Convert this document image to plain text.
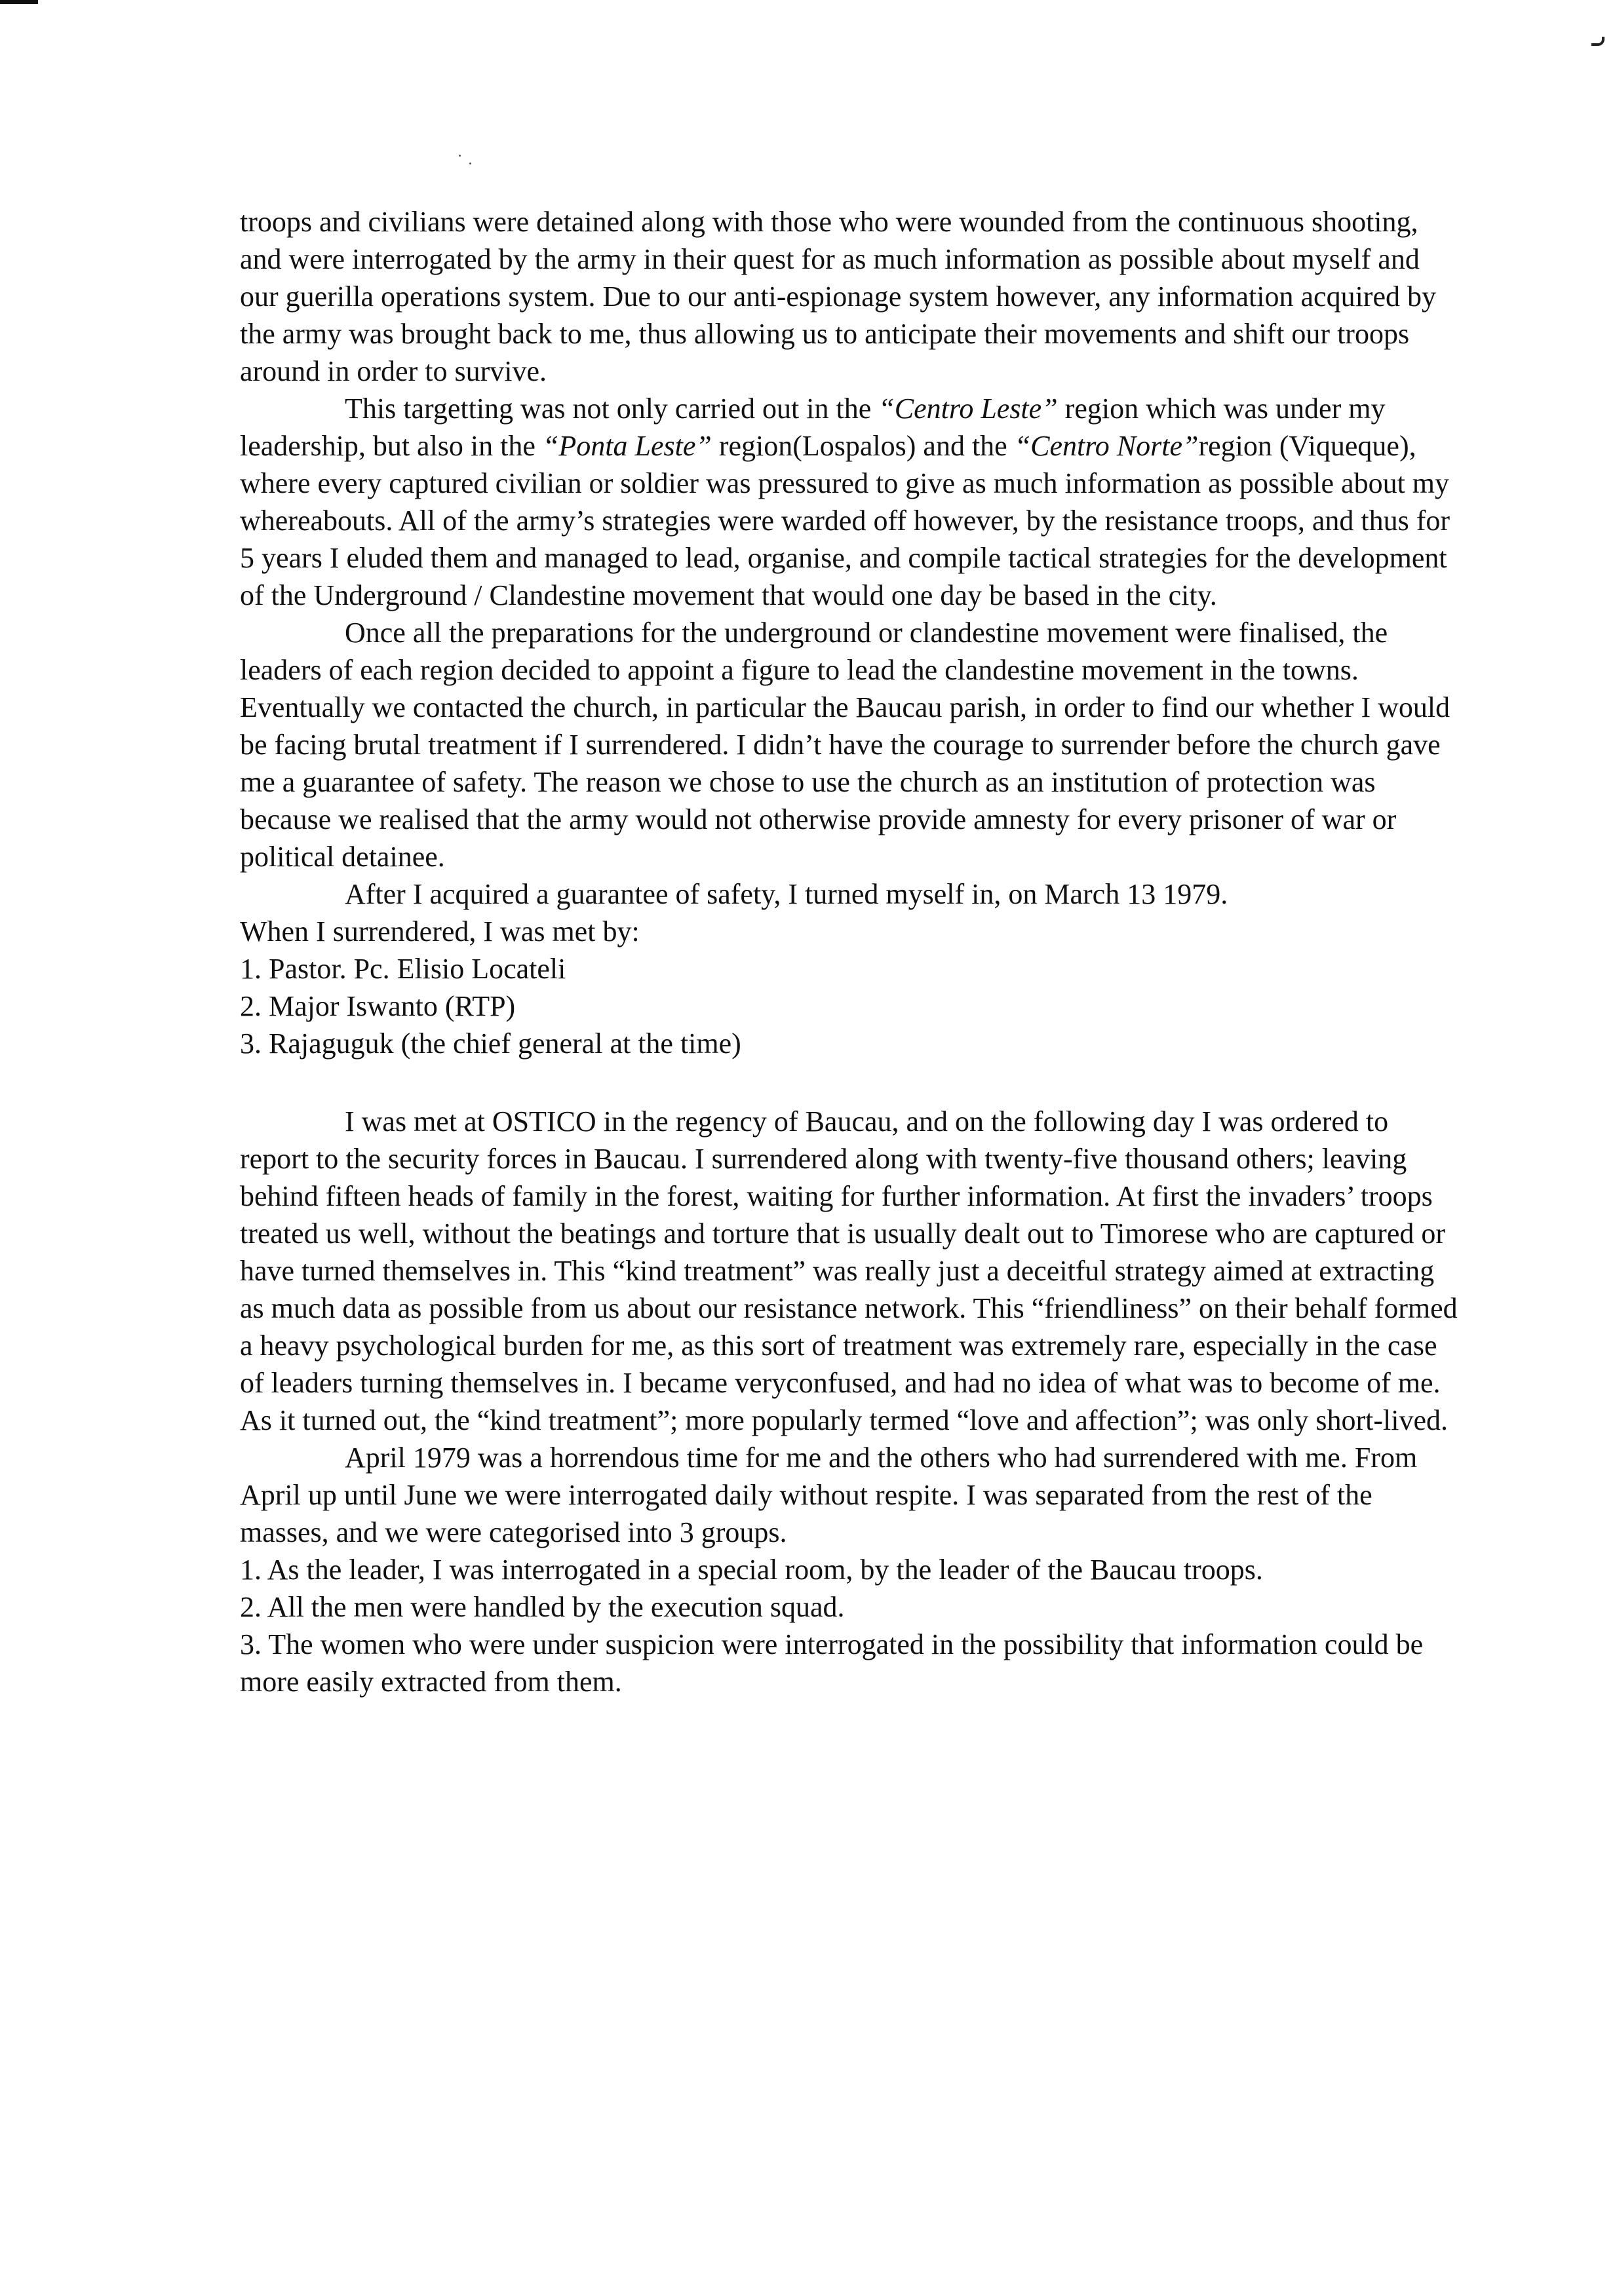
troops and civilians were detained along with those who were wounded from the continuous shooting, and were interrogated by the army in their quest for as much information as possible about myself and our guerilla operations system. Due to our anti-espionage system however, any information acquired by the army was brought back to me, thus allowing us to anticipate their movements and shift our troops around in order to survive.

This targetting was not only carried out in the “Centro Leste” region which was under my leadership, but also in the “Ponta Leste” region(Lospalos) and the “Centro Norte”region (Viqueque), where every captured civilian or soldier was pressured to give as much information as possible about my whereabouts. All of the army’s strategies were warded off however, by the resistance troops, and thus for 5 years I eluded them and managed to lead, organise, and compile tactical strategies for the development of the Underground / Clandestine movement that would one day be based in the city.

Once all the preparations for the underground or clandestine movement were finalised, the leaders of each region decided to appoint a figure to lead the clandestine movement in the towns. Eventually we contacted the church, in particular the Baucau parish, in order to find our whether I would be facing brutal treatment if I surrendered. I didn’t have the courage to surrender before the church gave me a guarantee of safety. The reason we chose to use the church as an institution of protection was because we realised that the army would not otherwise provide amnesty for every prisoner of war or political detainee.

After I acquired a guarantee of safety, I turned myself in, on March 13 1979.

When I surrendered, I was met by:

1. Pastor. Pc. Elisio Locateli
2. Major Iswanto (RTP)
3. Rajaguguk (the chief general at the time)

I was met at OSTICO in the regency of Baucau, and on the following day I was ordered to report to the security forces in Baucau. I surrendered along with twenty-five thousand others; leaving behind fifteen heads of family in the forest, waiting for further information. At first the invaders’ troops treated us well, without the beatings and torture that is usually dealt out to Timorese who are captured or have turned themselves in. This “kind treatment” was really just a deceitful strategy aimed at extracting as much data as possible from us about our resistance network. This “friendliness” on their behalf formed a heavy psychological burden for me, as this sort of treatment was extremely rare, especially in the case of leaders turning themselves in. I became veryconfused, and had no idea of what was to become of me. As it turned out, the “kind treatment”; more popularly termed “love and affection”; was only short-lived.

April 1979 was a horrendous time for me and the others who had surrendered with me. From April up until June we were interrogated daily without respite. I was separated from the rest of the masses, and we were categorised into 3 groups.

1. As the leader, I was interrogated in a special room, by the leader of the Baucau troops.
2. All the men were handled by the execution squad.
3. The women who were under suspicion were interrogated in the possibility that information could be more easily extracted from them.
